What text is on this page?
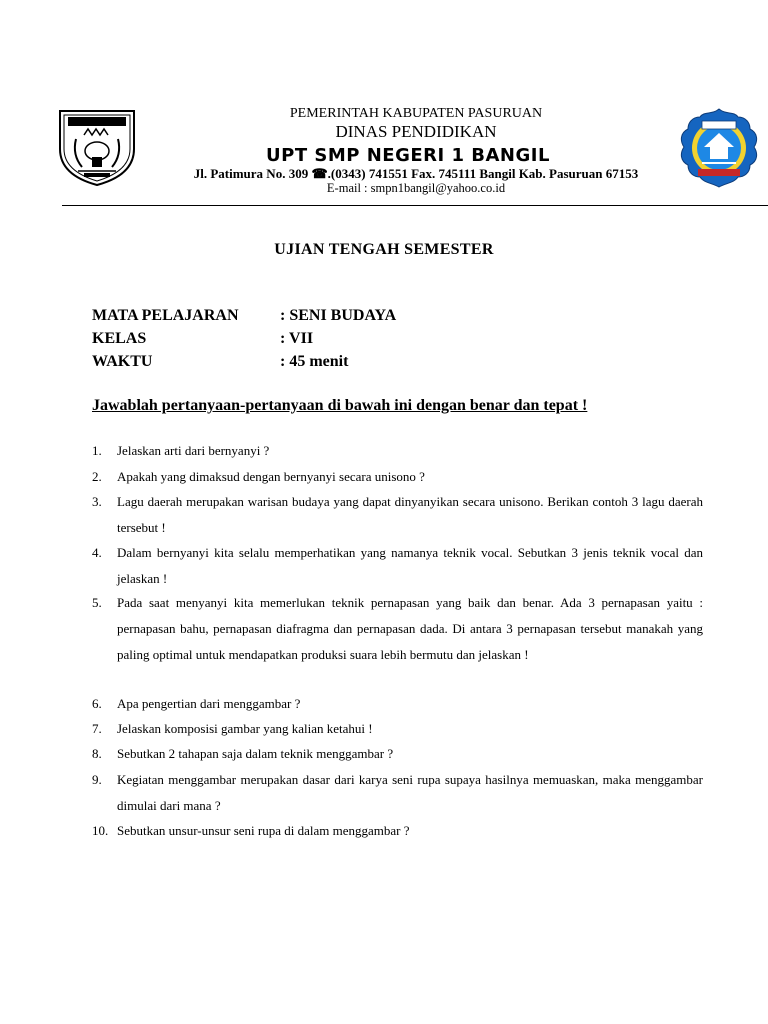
PEMERINTAH KABUPATEN PASURUAN
DINAS PENDIDIKAN
UPT SMP NEGERI 1 BANGIL
Jl. Patimura No. 309 ☎.(0343) 741551 Fax. 745111 Bangil Kab. Pasuruan 67153
E-mail : smpn1bangil@yahoo.co.id
UJIAN TENGAH SEMESTER
MATA PELAJARAN	: SENI BUDAYA
KELAS	: VII
WAKTU	: 45 menit
Jawablah pertanyaan-pertanyaan di bawah ini dengan benar dan tepat !
1. Jelaskan arti dari bernyanyi ?
2. Apakah yang dimaksud dengan bernyanyi secara unisono ?
3. Lagu daerah merupakan warisan budaya yang dapat dinyanyikan secara unisono. Berikan contoh 3 lagu daerah tersebut !
4. Dalam bernyanyi kita selalu memperhatikan yang namanya teknik vocal. Sebutkan 3 jenis teknik vocal dan jelaskan !
5. Pada saat menyanyi kita memerlukan teknik pernapasan yang baik dan benar. Ada 3 pernapasan yaitu : pernapasan bahu, pernapasan diafragma dan pernapasan dada. Di antara 3 pernapasan tersebut manakah yang paling optimal untuk mendapatkan produksi suara lebih bermutu dan jelaskan !
6. Apa pengertian dari menggambar ?
7. Jelaskan komposisi gambar yang kalian ketahui !
8. Sebutkan 2 tahapan saja dalam teknik menggambar ?
9. Kegiatan menggambar merupakan dasar dari karya seni rupa supaya hasilnya memuaskan, maka menggambar dimulai dari mana ?
10. Sebutkan unsur-unsur seni rupa di dalam menggambar ?
